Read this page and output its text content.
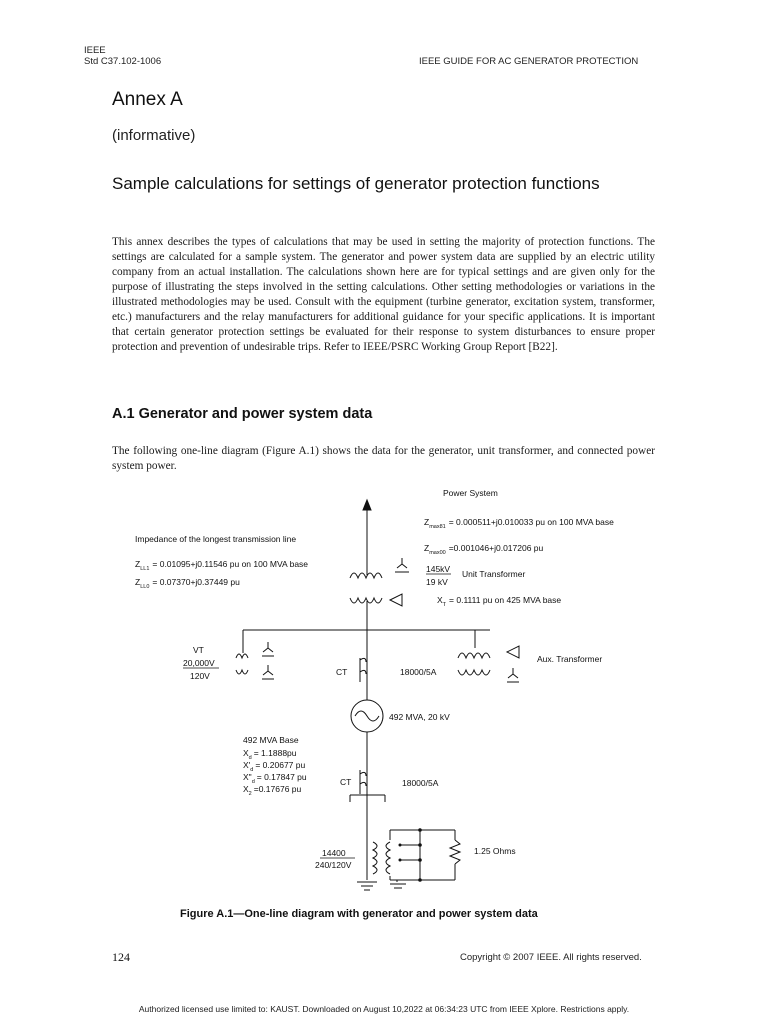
IEEE
Std C37.102-1006	IEEE GUIDE FOR AC GENERATOR PROTECTION
Annex A
(informative)
Sample calculations for settings of generator protection functions
This annex describes the types of calculations that may be used in setting the majority of protection functions. The settings are calculated for a sample system. The generator and power system data are supplied by an electric utility company from an actual installation. The calculations shown here are for typical settings and are given only for the purpose of illustrating the steps involved in the setting calculations. Other setting methodologies or variations in the illustrated methodologies may be used. Consult with the equipment (turbine generator, excitation system, transformer, etc.) manufacturers and the relay manufacturers for additional guidance for your specific applications. It is important that certain generator protection settings be evaluated for their response to system disturbances to ensure proper protection and prevention of undesirable trips. Refer to IEEE/PSRC Working Group Report [B22].
A.1 Generator and power system data
The following one-line diagram (Figure A.1) shows the data for the generator, unit transformer, and connected power system power.
Power System
$Z_{max81} = 0.000511+j0.010033$ pu on 100 MVA base
$Z_{max00} =0.001046+j0.017206$ pu
Impedance of the longest transmission line
$Z_{LL1} = 0.01095+j0.11546$ pu on 100 MVA base
$Z_{LL0} = 0.07370+j0.37449$ pu
145kV
19 kV
Unit Transformer
$X_T = 0.1111$ pu on 425 MVA base
VT
20,000V
120V
Aux. Transformer
CT	18000/5A
492 MVA, 20 kV
492 MVA Base
$X_d = 1.1888pu$
$X'_d = 0.20677$ pu
$X"_d = 0.17847$ pu
$X_2 =0.17676$ pu
CT	18000/5A
14400
240/120V
1.25 Ohms
Figure A.1—One-line diagram with generator and power system data
124	Copyright © 2007 IEEE. All rights reserved.
Authorized licensed use limited to: KAUST. Downloaded on August 10,2022 at 06:34:23 UTC from IEEE Xplore. Restrictions apply.
